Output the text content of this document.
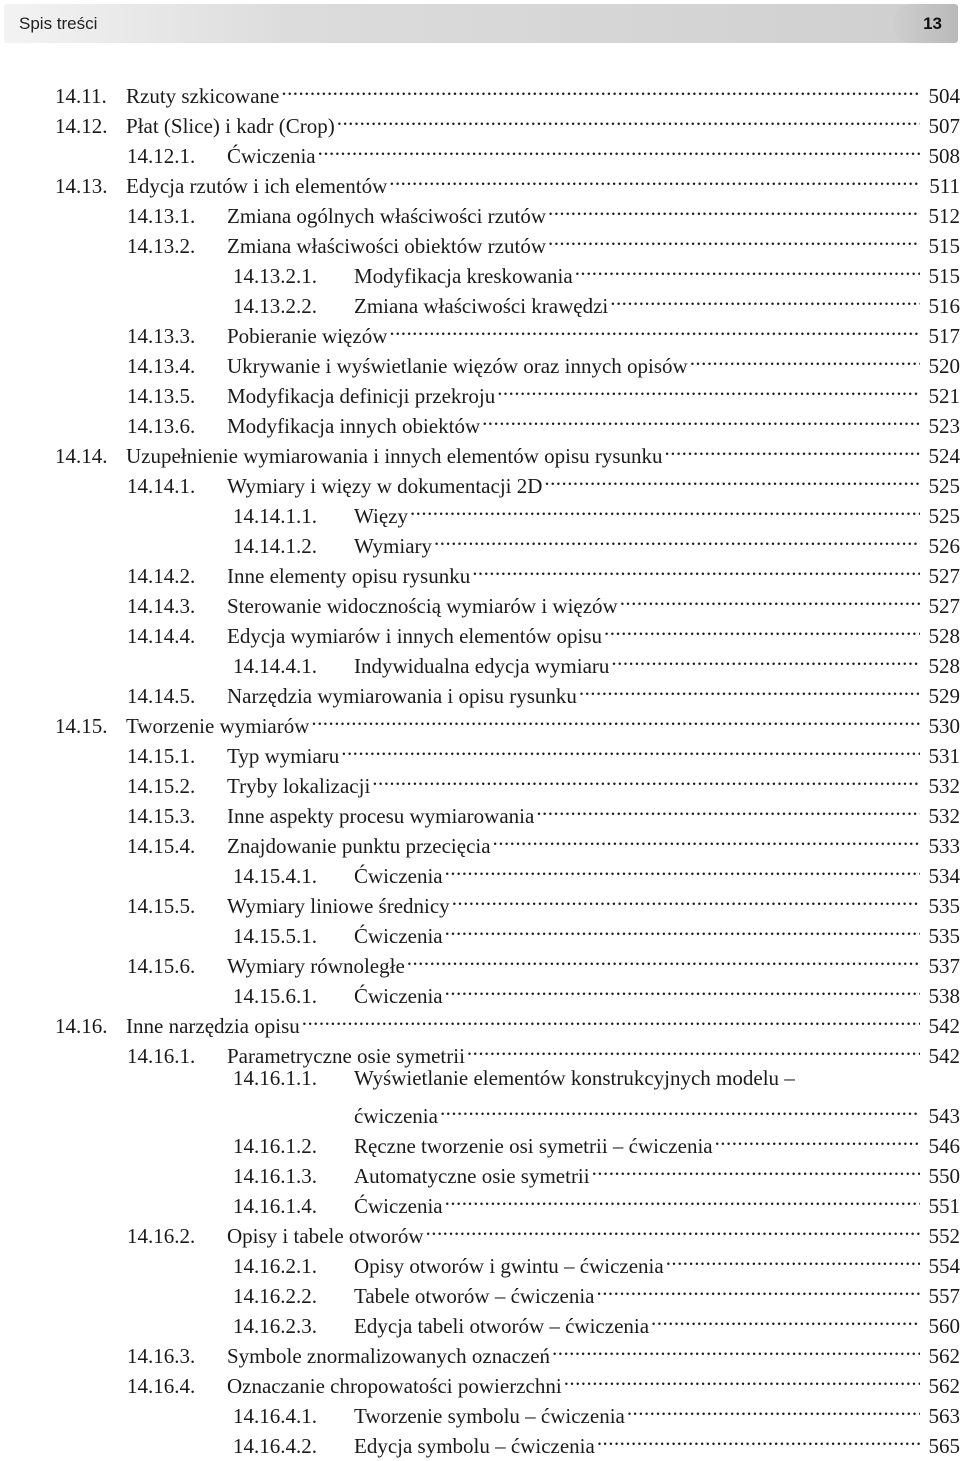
Spis treści	13
14.11. Rzuty szkicowane . . .	504
14.12. Płat (Slice) i kadr (Crop) . . .	507
14.12.1.	Ćwiczenia . . .	508
14.13. Edycja rzutów i ich elementów . . .	511
14.13.1.	Zmiana ogólnych właściwości rzutów . . .	512
14.13.2.	Zmiana właściwości obiektów rzutów . . .	515
14.13.2.1.	Modyfikacja kreskowania . . .	515
14.13.2.2.	Zmiana właściwości krawędzi . . .	516
14.13.3.	Pobieranie więzów . . .	517
14.13.4.	Ukrywanie i wyświetlanie więzów oraz innych opisów . . .	520
14.13.5.	Modyfikacja definicji przekroju . . .	521
14.13.6.	Modyfikacja innych obiektów . . .	523
14.14. Uzupełnienie wymiarowania i innych elementów opisu rysunku . . .	524
14.14.1.	Wymiary i więzy w dokumentacji 2D . . .	525
14.14.1.1.	Więzy . . .	525
14.14.1.2.	Wymiary . . .	526
14.14.2.	Inne elementy opisu rysunku . . .	527
14.14.3.	Sterowanie widocznością wymiarów i więzów . . .	527
14.14.4.	Edycja wymiarów i innych elementów opisu . . .	528
14.14.4.1.	Indywidualna edycja wymiaru . . .	528
14.14.5.	Narzędzia wymiarowania i opisu rysunku . . .	529
14.15. Tworzenie wymiarów . . .	530
14.15.1.	Typ wymiaru . . .	531
14.15.2.	Tryby lokalizacji . . .	532
14.15.3.	Inne aspekty procesu wymiarowania . . .	532
14.15.4.	Znajdowanie punktu przecięcia . . .	533
14.15.4.1.	Ćwiczenia . . .	534
14.15.5.	Wymiary liniowe średnicy . . .	535
14.15.5.1.	Ćwiczenia . . .	535
14.15.6.	Wymiary równoległe . . .	537
14.15.6.1.	Ćwiczenia . . .	538
14.16. Inne narzędzia opisu . . .	542
14.16.1.	Parametryczne osie symetrii . . .	542
14.16.1.1.	Wyświetlanie elementów konstrukcyjnych modelu –
ćwiczenia . . .	543
14.16.1.2.	Ręczne tworzenie osi symetrii – ćwiczenia . . .	546
14.16.1.3.	Automatyczne osie symetrii . . .	550
14.16.1.4.	Ćwiczenia . . .	551
14.16.2.	Opisy i tabele otworów . . .	552
14.16.2.1.	Opisy otworów i gwintu – ćwiczenia . . .	554
14.16.2.2.	Tabele otworów – ćwiczenia . . .	557
14.16.2.3.	Edycja tabeli otworów – ćwiczenia . . .	560
14.16.3.	Symbole znormalizowanych oznaczeń . . .	562
14.16.4.	Oznaczanie chropowatości powierzchni . . .	562
14.16.4.1.	Tworzenie symbolu – ćwiczenia . . .	563
14.16.4.2.	Edycja symbolu – ćwiczenia . . .	565
